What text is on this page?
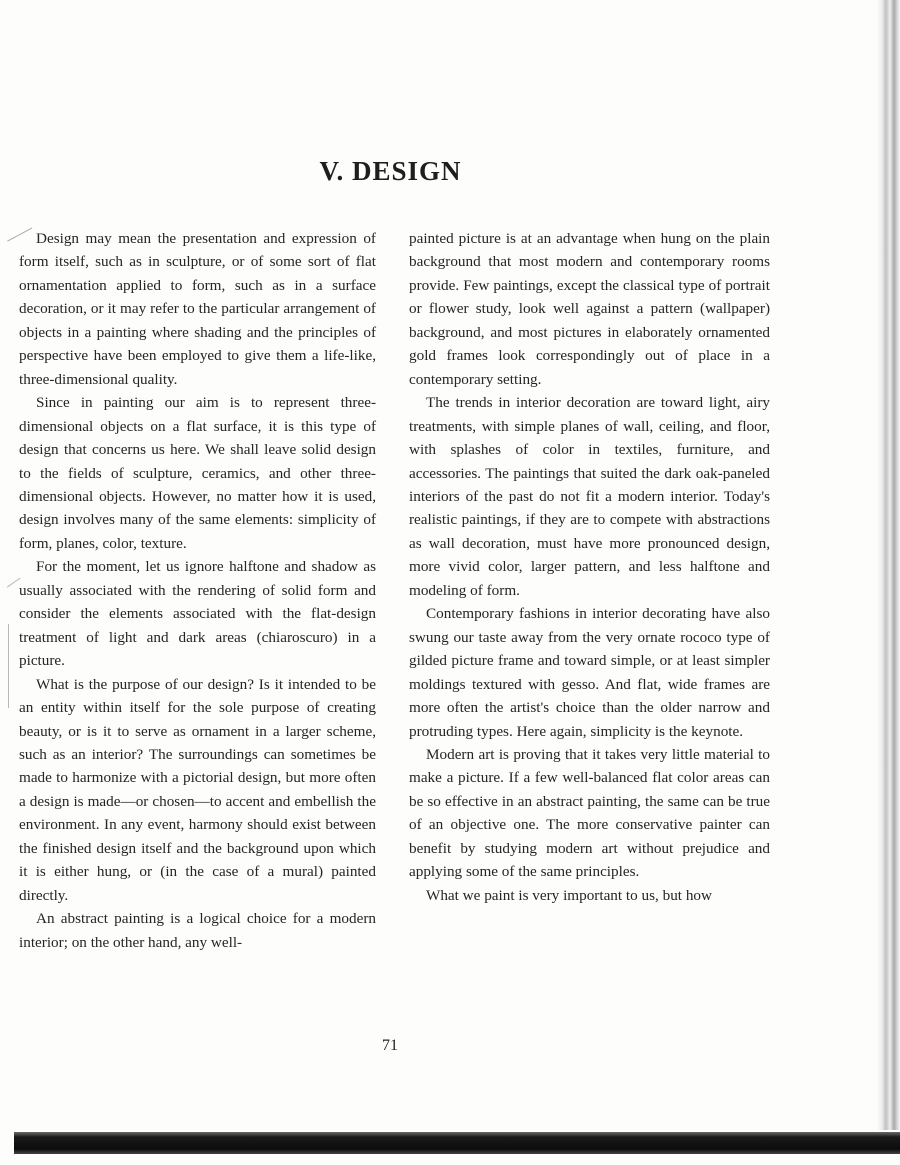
V. DESIGN

Design may mean the presentation and expression of form itself, such as in sculpture, or of some sort of flat ornamentation applied to form, such as in a surface decoration, or it may refer to the particular arrangement of objects in a painting where shading and the principles of perspective have been employed to give them a life-like, three-dimensional quality.

Since in painting our aim is to represent three-dimensional objects on a flat surface, it is this type of design that concerns us here. We shall leave solid design to the fields of sculpture, ceramics, and other three-dimensional objects. However, no matter how it is used, design involves many of the same elements: simplicity of form, planes, color, texture.

For the moment, let us ignore halftone and shadow as usually associated with the rendering of solid form and consider the elements associated with the flat-design treatment of light and dark areas (chiaroscuro) in a picture.

What is the purpose of our design? Is it intended to be an entity within itself for the sole purpose of creating beauty, or is it to serve as ornament in a larger scheme, such as an interior? The surroundings can sometimes be made to harmonize with a pictorial design, but more often a design is made—or chosen—to accent and embellish the environment. In any event, harmony should exist between the finished design itself and the background upon which it is either hung, or (in the case of a mural) painted directly.

An abstract painting is a logical choice for a modern interior; on the other hand, any well-

painted picture is at an advantage when hung on the plain background that most modern and contemporary rooms provide. Few paintings, except the classical type of portrait or flower study, look well against a pattern (wallpaper) background, and most pictures in elaborately ornamented gold frames look correspondingly out of place in a contemporary setting.

The trends in interior decoration are toward light, airy treatments, with simple planes of wall, ceiling, and floor, with splashes of color in textiles, furniture, and accessories. The paintings that suited the dark oak-paneled interiors of the past do not fit a modern interior. Today's realistic paintings, if they are to compete with abstractions as wall decoration, must have more pronounced design, more vivid color, larger pattern, and less halftone and modeling of form.

Contemporary fashions in interior decorating have also swung our taste away from the very ornate rococo type of gilded picture frame and toward simple, or at least simpler moldings textured with gesso. And flat, wide frames are more often the artist's choice than the older narrow and protruding types. Here again, simplicity is the keynote.

Modern art is proving that it takes very little material to make a picture. If a few well-balanced flat color areas can be so effective in an abstract painting, the same can be true of an objective one. The more conservative painter can benefit by studying modern art without prejudice and applying some of the same principles.

What we paint is very important to us, but how

71
